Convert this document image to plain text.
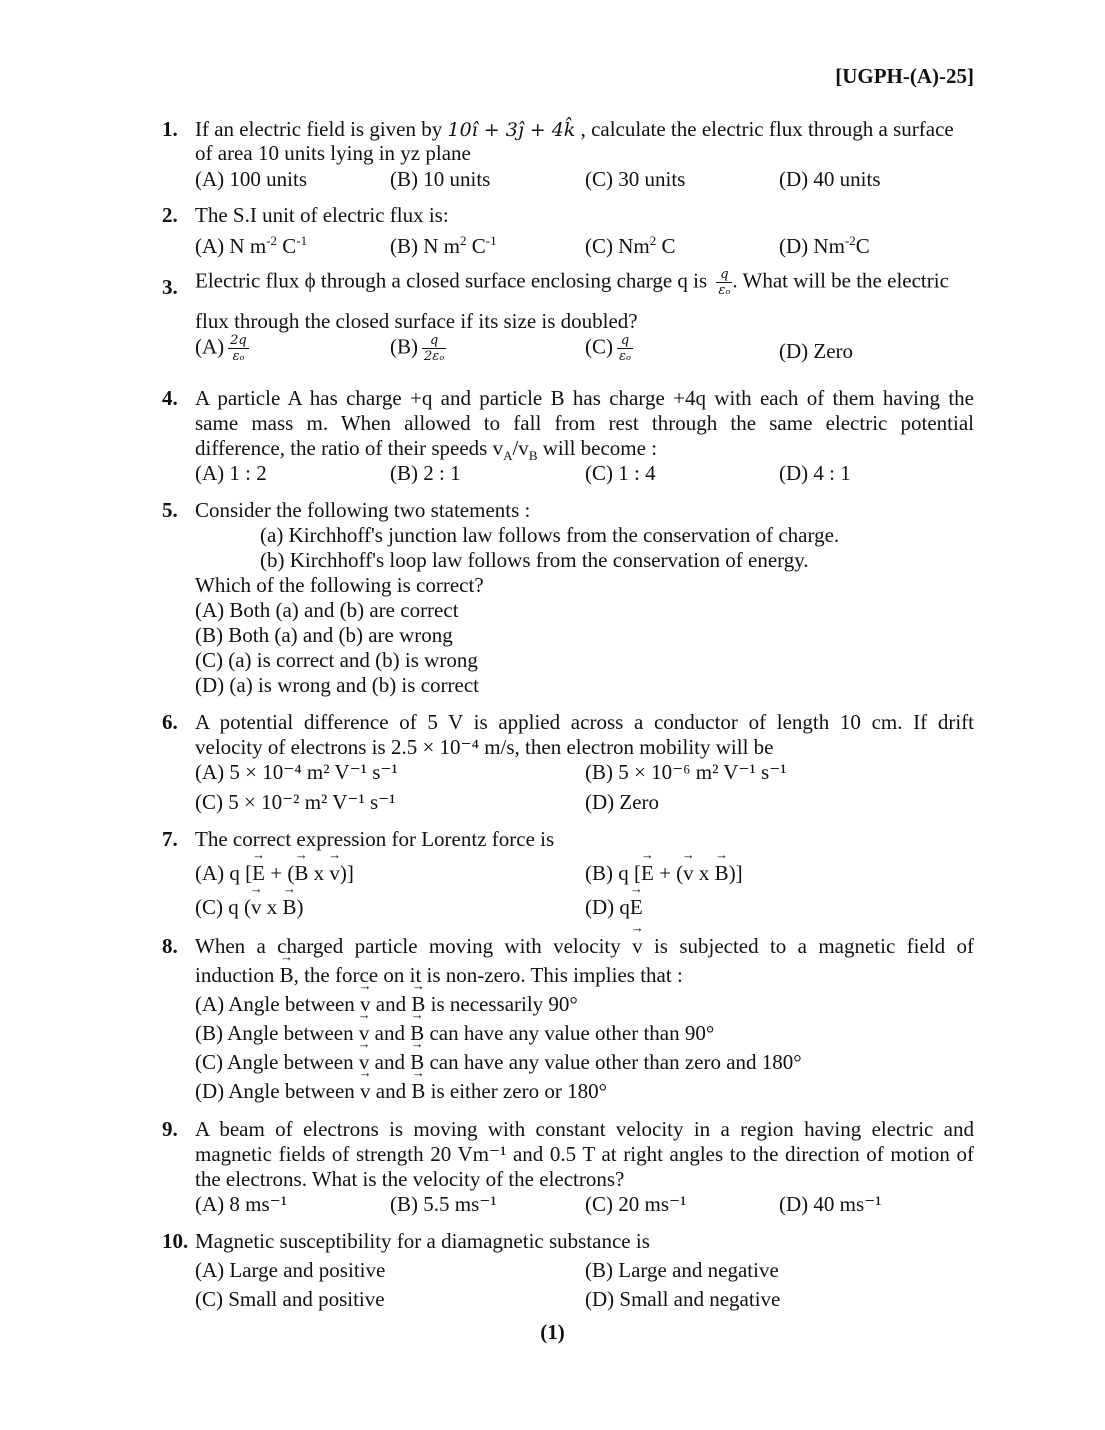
[UGPH-(A)-25]
1. If an electric field is given by 10î + 3ĵ + 4k̂ , calculate the electric flux through a surface
of area 10 units lying in yz plane
(A) 100 units	(B) 10 units	(C) 30 units	(D) 40 units
2. The S.I unit of electric flux is:
(A) N $m^{-2}$ $C^{-1}$	(B) N $m^2$ $C^{-1}$	(C) Nm$^2$ C	(D) $Nm^{-2}C$
3. Electric flux ϕ through a closed surface enclosing charge q is $\frac{q}{\text{εₒ}}$ . What will be the electric
flux through the closed surface if its size is doubled?
$(A) \frac{2q}{\text{εₒ}}$	$(B) \frac{q}{\text{2εₒ}}$	$(C) \frac{q}{\text{εₒ}}$	(D) Zero
4. A particle A has charge +q and particle B has charge +4q with each of them having the
same mass m. When allowed to fall from rest through the same electric potential
difference, the ratio of their speeds $v_A/v_B$ will become :
(A) 1 : 2	(B) 2 : 1	(C) 1 : 4	(D) 4 : 1
5. Consider the following two statements :
(a) Kirchhoff's junction law follows from the conservation of charge.
(b) Kirchhoff's loop law follows from the conservation of energy.
Which of the following is correct?
(A) Both (a) and (b) are correct
(B) Both (a) and (b) are wrong
(C) (a) is correct and (b) is wrong
(D) (a) is wrong and (b) is correct
6. A potential difference of 5 V is applied across a conductor of length 10 cm. If drift
velocity of electrons is 2.5 × 10⁻⁴ m/s, then electron mobility will be
(A) 5 × 10⁻⁴ m² V⁻¹ s⁻¹	(B) 5 × 10⁻⁶ m² V⁻¹ s⁻¹
(C) 5 × 10⁻² m² V⁻¹ s⁻¹	(D) Zero
7. The correct expression for Lorentz force is
(A) q [→ E + (→ B x → v)]	(B) q [→ E + (→ v x → B)]
(C) q (→ v x → B)	(D) q→ E
8. When a charged particle moving with velocity → v is subjected to a magnetic field of
induction → B, the force on it is non-zero. This implies that :
(A) Angle between → v and → B is necessarily 90°
(B) Angle between → v and → B can have any value other than 90°
(C) Angle between → v and → B can have any value other than zero and 180°
(D) Angle between → v and → B is either zero or 180°
9. A beam of electrons is moving with constant velocity in a region having electric and
magnetic fields of strength 20 Vm⁻¹ and 0.5 T at right angles to the direction of motion of
the electrons. What is the velocity of the electrons?
(A) 8 ms⁻¹	(B) 5.5 ms⁻¹	(C) 20 ms⁻¹	(D) 40 ms⁻¹
10. Magnetic susceptibility for a diamagnetic substance is
(A) Large and positive	(B) Large and negative
(C) Small and positive	(D) Small and negative
(1)
